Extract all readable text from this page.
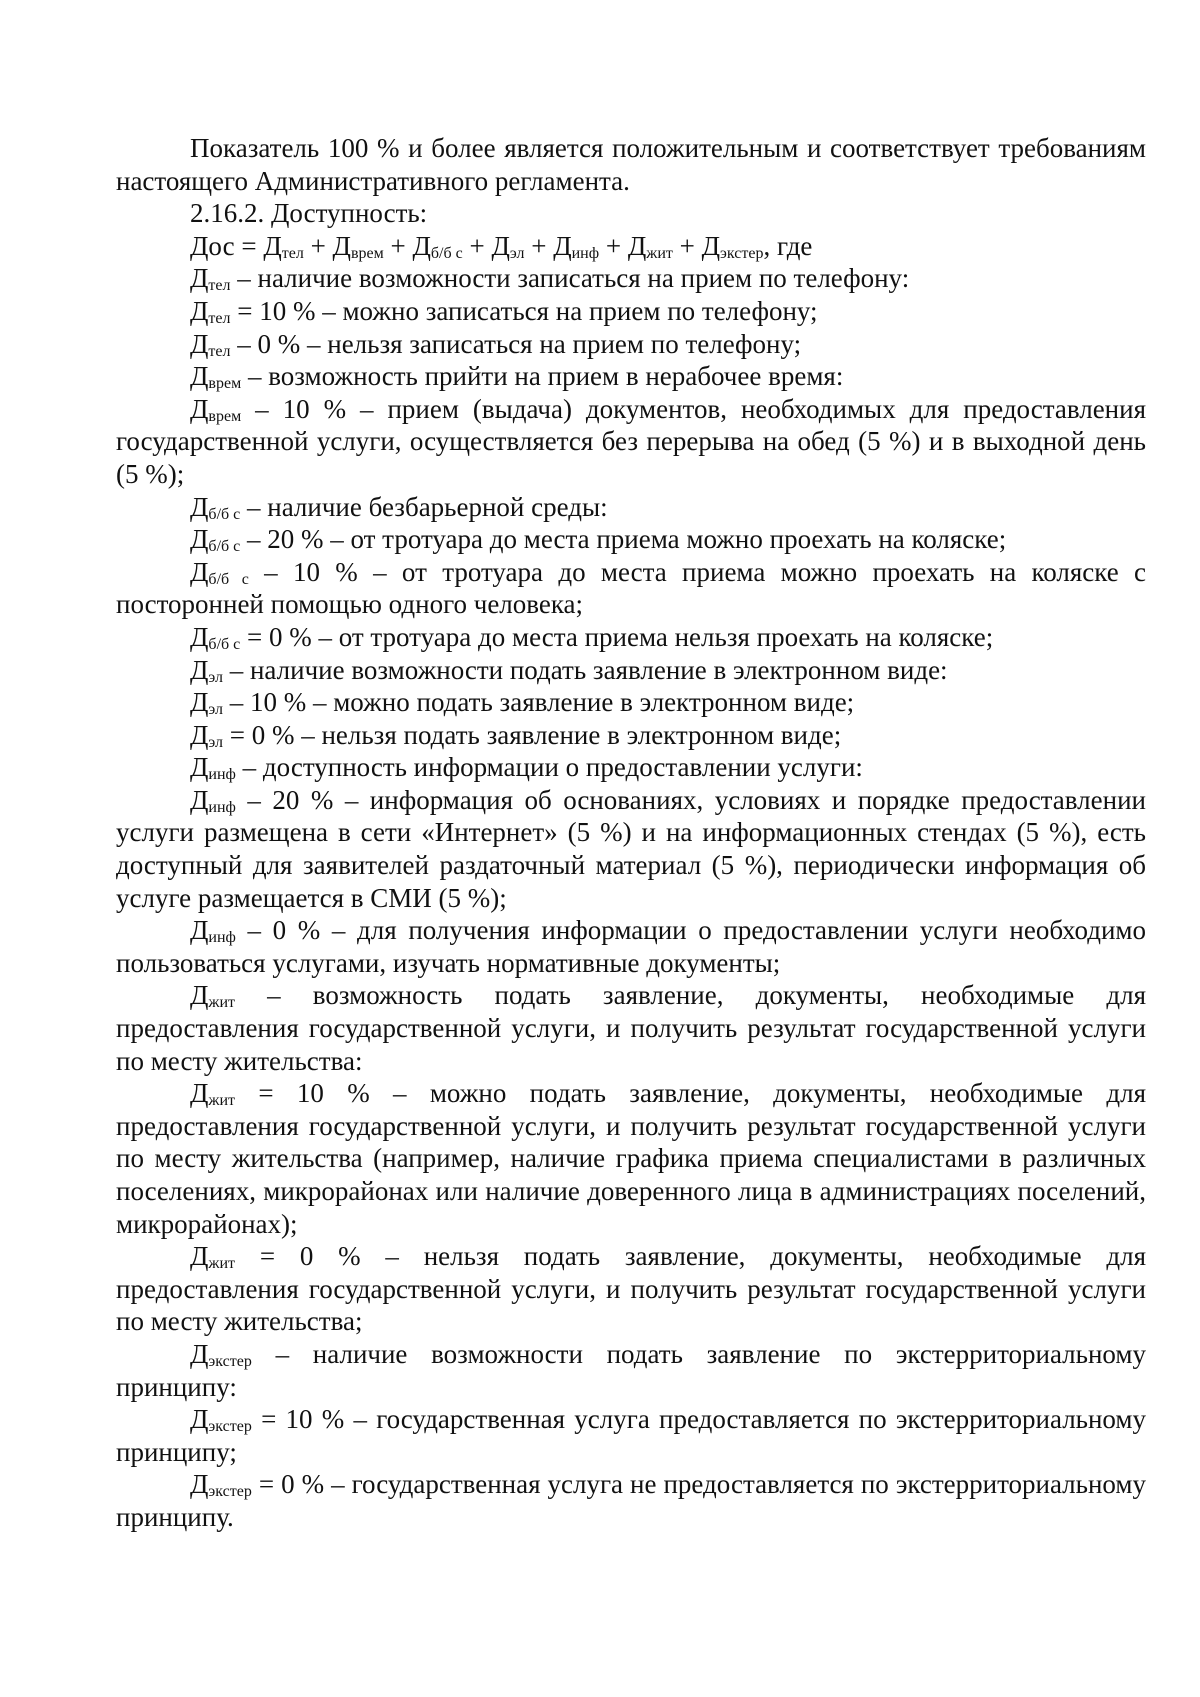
Показатель 100 % и более является положительным и соответствует требованиям настоящего Административного регламента.

2.16.2. Доступность:

Дос = Дтел + Дврем + Дб/б с + Дэл + Динф + Джит + Дэкстер, где

Дтел – наличие возможности записаться на прием по телефону:

Дтел = 10 % – можно записаться на прием по телефону;

Дтел – 0 % – нельзя записаться на прием по телефону;

Дврем – возможность прийти на прием в нерабочее время:

Дврем – 10 % – прием (выдача) документов, необходимых для предоставления государственной услуги, осуществляется без перерыва на обед (5 %) и в выходной день (5 %);

Дб/б с – наличие безбарьерной среды:

Дб/б с – 20 % – от тротуара до места приема можно проехать на коляске;

Дб/б с – 10 % – от тротуара до места приема можно проехать на коляске с посторонней помощью одного человека;

Дб/б с = 0 % – от тротуара до места приема нельзя проехать на коляске;

Дэл – наличие возможности подать заявление в электронном виде:

Дэл – 10 % – можно подать заявление в электронном виде;

Дэл = 0 % – нельзя подать заявление в электронном виде;

Динф – доступность информации о предоставлении услуги:

Динф – 20 % – информация об основаниях, условиях и порядке предоставлении услуги размещена в сети «Интернет» (5 %) и на информационных стендах (5 %), есть доступный для заявителей раздаточный материал (5 %), периодически информация об услуге размещается в СМИ (5 %);

Динф – 0 % – для получения информации о предоставлении услуги необходимо пользоваться услугами, изучать нормативные документы;

Джит – возможность подать заявление, документы, необходимые для предоставления государственной услуги, и получить результат государственной услуги по месту жительства:

Джит = 10 % – можно подать заявление, документы, необходимые для предоставления государственной услуги, и получить результат государственной услуги по месту жительства (например, наличие графика приема специалистами в различных поселениях, микрорайонах или наличие доверенного лица в администрациях поселений, микрорайонах);

Джит = 0 % – нельзя подать заявление, документы, необходимые для предоставления государственной услуги, и получить результат государственной услуги по месту жительства;

Дэкстер – наличие возможности подать заявление по экстерриториальному принципу:

Дэкстер = 10 % – государственная услуга предоставляется по экстерриториальному принципу;

Дэкстер = 0 % – государственная услуга не предоставляется по экстерриториальному принципу.
